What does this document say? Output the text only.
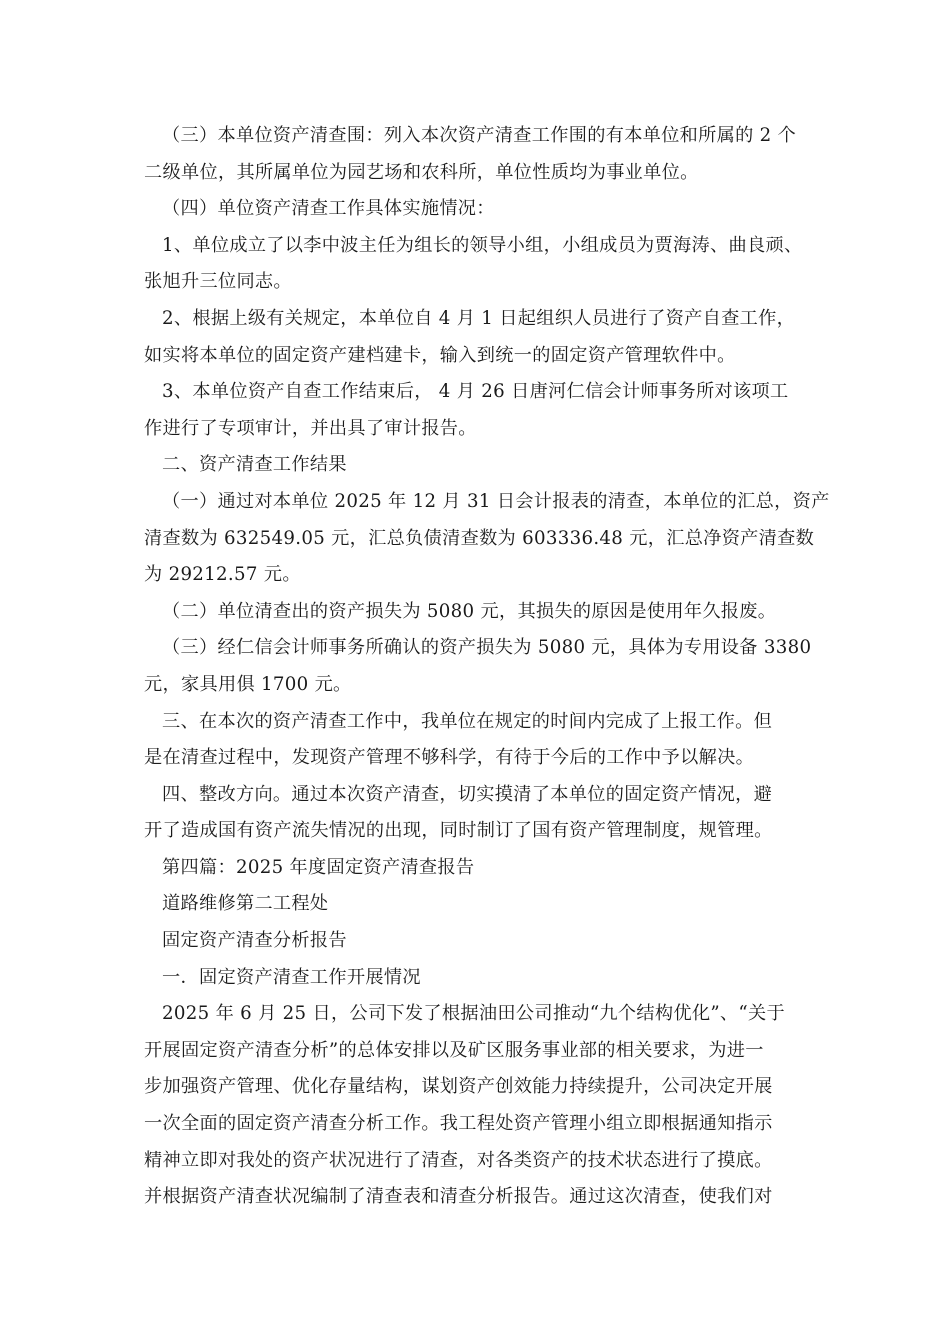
（三）本单位资产清查围：列入本次资产清查工作围的有本单位和所属的 2 个
二级单位，其所属单位为园艺场和农科所，单位性质均为事业单位。
（四）单位资产清查工作具体实施情况：
1、单位成立了以李中波主任为组长的领导小组，小组成员为贾海涛、曲良顽、
张旭升三位同志。
2、根据上级有关规定，本单位自 4 月 1 日起组织人员进行了资产自查工作，
如实将本单位的固定资产建档建卡，输入到统一的固定资产管理软件中。
3、本单位资产自查工作结束后， 4 月 26 日唐河仁信会计师事务所对该项工
作进行了专项审计，并出具了审计报告。
二、资产清查工作结果
（一）通过对本单位 2025 年 12 月 31 日会计报表的清查，本单位的汇总，资产
清查数为 632549.05 元，汇总负债清查数为 603336.48 元，汇总净资产清查数
为 29212.57 元。
（二）单位清查出的资产损失为 5080 元，其损失的原因是使用年久报废。
（三）经仁信会计师事务所确认的资产损失为 5080 元，具体为专用设备 3380
元，家具用俱 1700 元。
三、在本次的资产清查工作中，我单位在规定的时间内完成了上报工作。但
是在清查过程中，发现资产管理不够科学，有待于今后的工作中予以解决。
四、整改方向。通过本次资产清查，切实摸清了本单位的固定资产情况，避
开了造成国有资产流失情况的出现，同时制订了国有资产管理制度，规管理。
第四篇：2025 年度固定资产清查报告
道路维修第二工程处
固定资产清查分析报告
一．固定资产清查工作开展情况
2025 年 6 月 25 日，公司下发了根据油田公司推动“九个结构优化”、“关于
开展固定资产清查分析”的总体安排以及矿区服务事业部的相关要求，为进一
步加强资产管理、优化存量结构，谋划资产创效能力持续提升，公司决定开展
一次全面的固定资产清查分析工作。我工程处资产管理小组立即根据通知指示
精神立即对我处的资产状况进行了清查，对各类资产的技术状态进行了摸底。
并根据资产清查状况编制了清查表和清查分析报告。通过这次清查，使我们对
